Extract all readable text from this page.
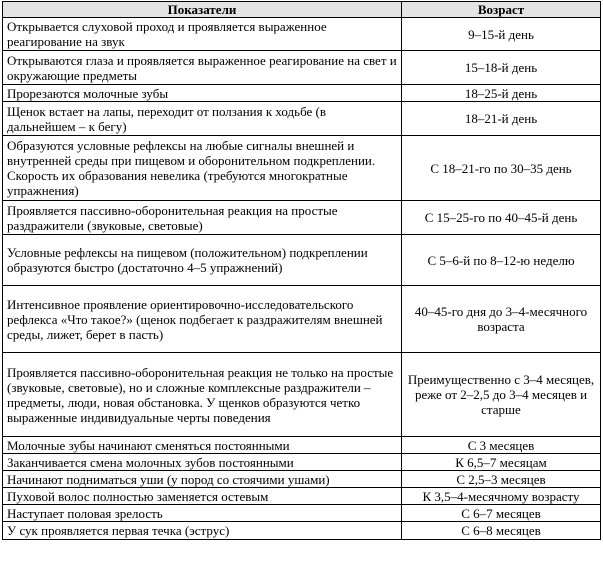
Показатели	Возраст
Открывается слуховой проход и проявляется выраженное реагирование на звук	9–15-й день
Открываются глаза и проявляется выраженное реагирование на свет и окружающие предметы	15–18-й день
Прорезаются молочные зубы	18–25-й день
Щенок встает на лапы, переходит от ползания к ходьбе (в дальнейшем – к бегу)	18–21-й день
Образуются условные рефлексы на любые сигналы внешней и внутренней среды при пищевом и оборонительном подкреплении. Скорость их образования невелика (требуются многократные упражнения)	С 18–21-го по 30–35 день
Проявляется пассивно-оборонительная реакция на простые раздражители (звуковые, световые)	С 15–25-го по 40–45-й день
Условные рефлексы на пищевом (положительном) подкреплении образуются быстро (достаточно 4–5 упражнений)	С 5–6-й по 8–12-ю неделю
Интенсивное проявление ориентировочно-исследовательского рефлекса «Что такое?» (щенок подбегает к раздражителям внешней среды, лижет, берет в пасть)	40–45-го дня до 3–4-месячного возраста
Проявляется пассивно-оборонительная реакция не только на простые (звуковые, световые), но и сложные комплексные раздражители – предметы, люди, новая обстановка. У щенков образуются четко выраженные индивидуальные черты поведения	Преимущественно с 3–4 месяцев, реже от 2–2,5 до 3–4 месяцев и старше
Молочные зубы начинают сменяться постоянными	С 3 месяцев
Заканчивается смена молочных зубов постоянными	К 6,5–7 месяцам
Начинают подниматься уши (у пород со стоячими ушами)	С 2,5–3 месяцев
Пуховой волос полностью заменяется остевым	К 3,5–4-месячному возрасту
Наступает половая зрелость	С 6–7 месяцев
У сук проявляется первая течка (эструс)	С 6–8 месяцев
